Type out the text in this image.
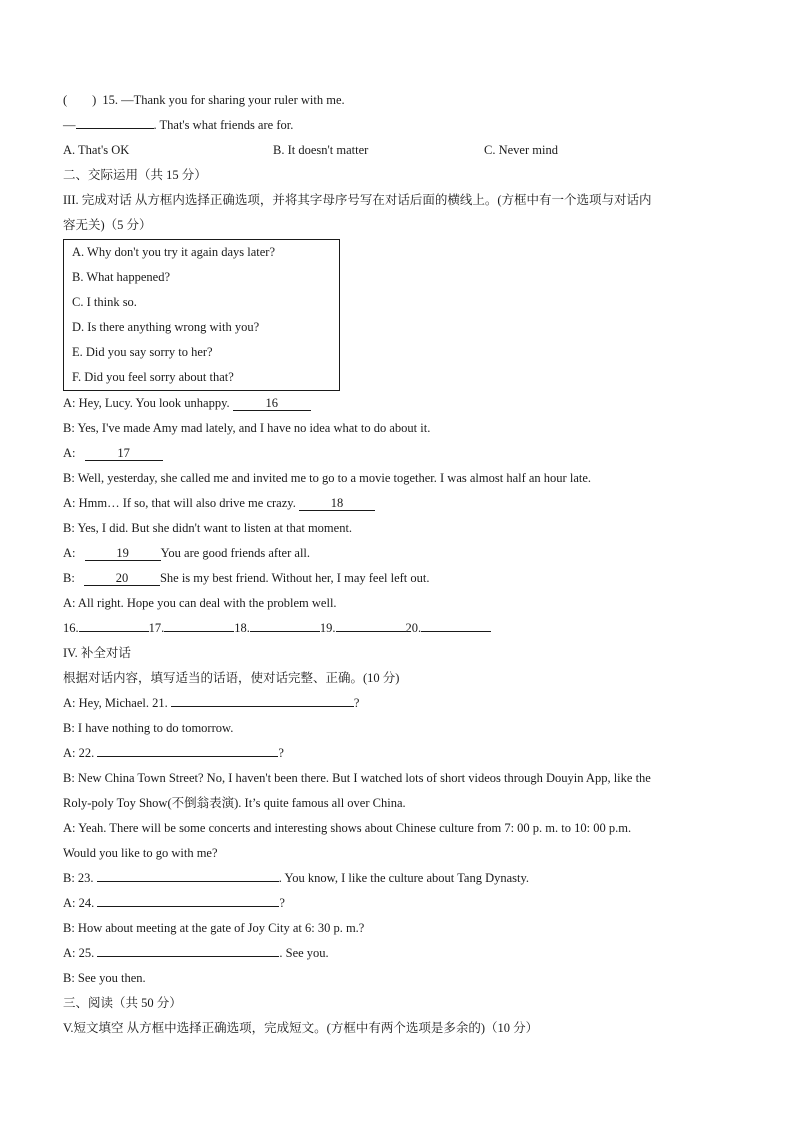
(　　) 15. —Thank you for sharing your ruler with me.
—	. That's what friends are for.
A. That's OK	B. It doesn't matter	C. Never mind
二、交际运用（共 15 分）
III. 完成对话 从方框内选择正确选项，并将其字母序号写在对话后面的横线上。(方框中有一个选项与对话内
容无关)（5 分）
A. Why don't you try it again days later?
B. What happened?
C. I think so.
D. Is there anything wrong with you?
E. Did you say sorry to her?
F. Did you feel sorry about that?
A: Hey, Lucy. You look unhappy.	16
B: Yes, I've made Amy mad lately, and I have no idea what to do about it.
A:	17
B: Well, yesterday, she called me and invited me to go to a movie together. I was almost half an hour late.
A: Hmm… If so, that will also drive me crazy.	18
B: Yes, I did. But she didn't want to listen at that moment.
A:	19	You are good friends after all.
B:	20	She is my best friend. Without her, I may feel left out.
A: All right. Hope you can deal with the problem well.
16.	17.	18.	19.	20.
IV. 补全对话
根据对话内容，填写适当的话语，使对话完整、正确。(10 分)
A: Hey, Michael. 21.	?
B: I have nothing to do tomorrow.
A: 22.	?
B: New China Town Street? No, I haven't been there. But I watched lots of short videos through Douyin App, like the
Roly-poly Toy Show(不倒翁表演). It’s quite famous all over China.
A: Yeah. There will be some concerts and interesting shows about Chinese culture from 7: 00 p. m. to 10: 00 p.m.
Would you like to go with me?
B: 23.	. You know, I like the culture about Tang Dynasty.
A: 24.	?
B: How about meeting at the gate of Joy City at 6: 30 p. m.?
A: 25.	. See you.
B: See you then.
三、阅读（共 50 分）
V.短文填空 从方框中选择正确选项，完成短文。(方框中有两个选项是多余的)（10 分）
